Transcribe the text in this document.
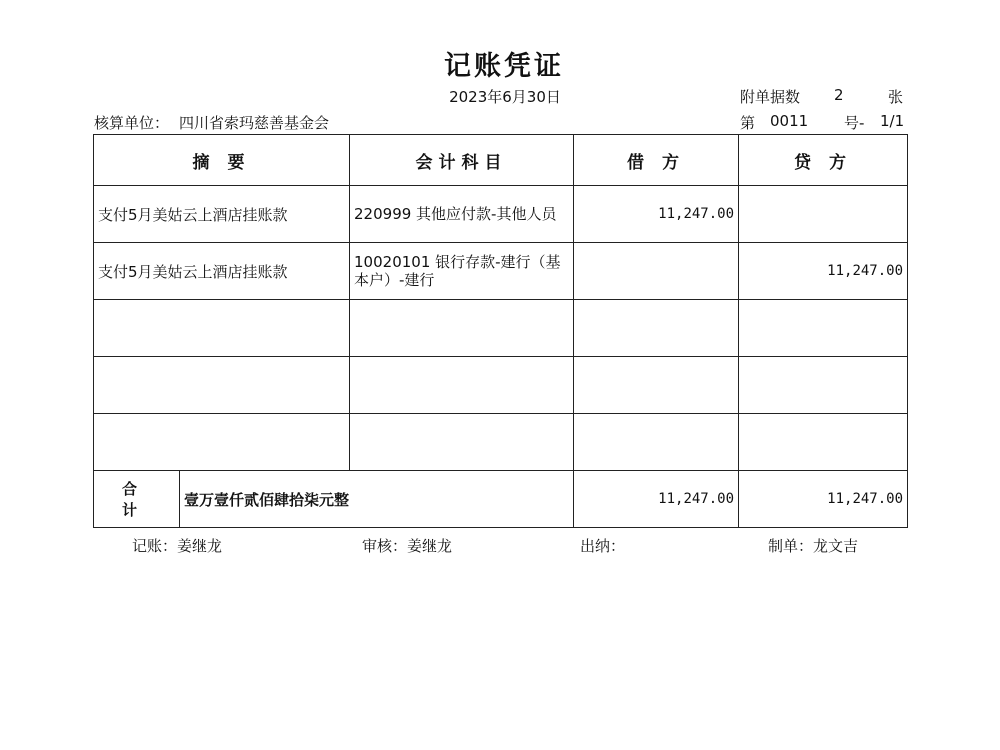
记账凭证
2023年6月30日	附单据数 2	张
核算单位： 四川省索玛慈善基金会	第 0011 号- 1/1
摘 要		会计科目	借 方	贷 方
支付5月美姑云上酒店挂账款		220999 其他应付款-其他人员	11,247.00	
支付5月美姑云上酒店挂账款		10020101 银行存款-建行（基本户）-建行		11,247.00

合 计	壹万壹仟贰佰肆拾柒元整		11,247.00	11,247.00
记账：姜继龙	审核：姜继龙	出纳：	制单：龙文吉
